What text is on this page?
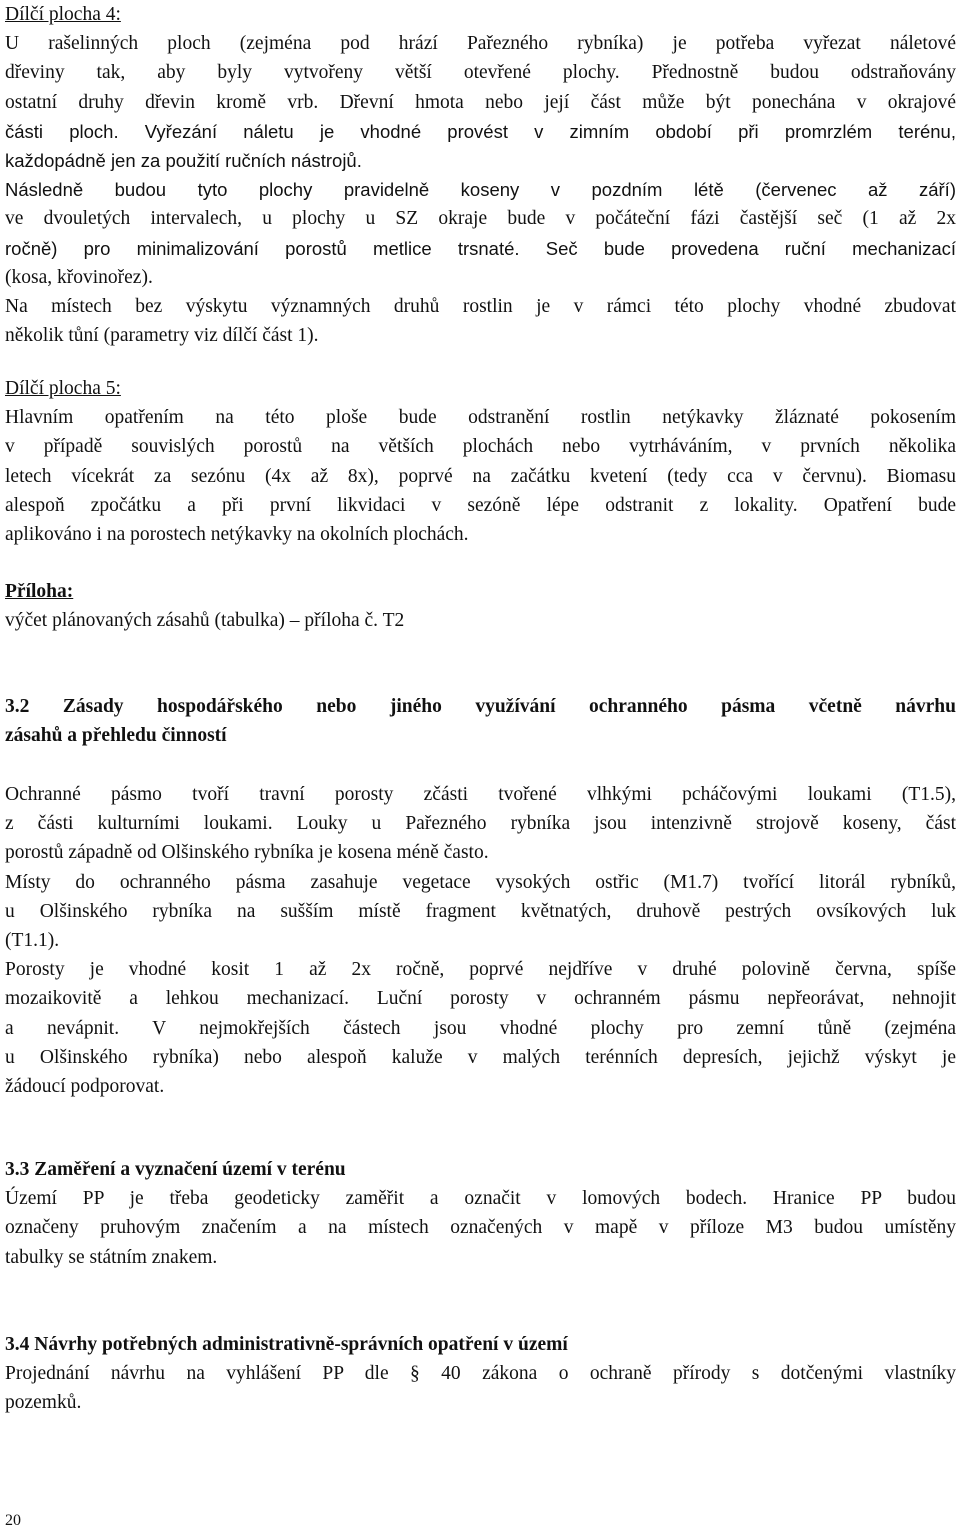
Dílčí plocha 4:
U rašelinných ploch (zejména pod hrází Pařezného rybníka) je potřeba vyřezat náletové
dřeviny tak, aby byly vytvořeny větší otevřené plochy. Přednostně budou odstraňovány
ostatní druhy dřevin kromě vrb. Dřevní hmota nebo její část může být ponechána v okrajové
části ploch. Vyřezání náletu je vhodné provést v zimním období při promrzlém terénu,
každopádně jen za použití ručních nástrojů.
Následně budou tyto plochy pravidelně koseny v pozdním létě (červenec až září)
ve dvouletých intervalech, u plochy u SZ okraje bude v počáteční fázi častější seč (1 až 2x
ročně) pro minimalizování porostů metlice trsnaté. Seč bude provedena ruční mechanizací
(kosa, křovinořez).
Na místech bez výskytu významných druhů rostlin je v rámci této plochy vhodné zbudovat
několik tůní (parametry viz dílčí část 1).
Dílčí plocha 5:
Hlavním opatřením na této ploše bude odstranění rostlin netýkavky žláznaté pokosením
v případě souvislých porostů na větších plochách nebo vytrháváním, v prvních několika
letech vícekrát za sezónu (4x až 8x), poprvé na začátku kvetení (tedy cca v červnu). Biomasu
alespoň zpočátku a při první likvidaci v sezóně lépe odstranit z lokality. Opatření bude
aplikováno i na porostech netýkavky na okolních plochách.
Příloha:
výčet plánovaných zásahů (tabulka) – příloha č. T2
3.2 Zásady hospodářského nebo jiného využívání ochranného pásma včetně návrhu
zásahů a přehledu činností
Ochranné pásmo tvoří travní porosty zčásti tvořené vlhkými pcháčovými loukami (T1.5),
z části kulturními loukami. Louky u Pařezného rybníka jsou intenzivně strojově koseny, část
porostů západně od Olšinského rybníka je kosena méně často.
Místy do ochranného pásma zasahuje vegetace vysokých ostřic (M1.7) tvořící litorál rybníků,
u Olšinského rybníka na sušším místě fragment květnatých, druhově pestrých ovsíkových luk
(T1.1).
Porosty je vhodné kosit 1 až 2x ročně, poprvé nejdříve v druhé polovině června, spíše
mozaikovitě a lehkou mechanizací. Luční porosty v ochranném pásmu nepřeorávat, nehnojit
a nevápnit. V nejmokřejších částech jsou vhodné plochy pro zemní tůně (zejména
u Olšinského rybníka) nebo alespoň kaluže v malých terénních depresích, jejichž výskyt je
žádoucí podporovat.
3.3 Zaměření a vyznačení území v terénu
Území PP je třeba geodeticky zaměřit a označit v lomových bodech. Hranice PP budou
označeny pruhovým značením a na místech označených v mapě v příloze M3 budou umístěny
tabulky se státním znakem.
3.4 Návrhy potřebných administrativně-správních opatření v území
Projednání návrhu na vyhlášení PP dle § 40 zákona o ochraně přírody s dotčenými vlastníky
pozemků.
20
